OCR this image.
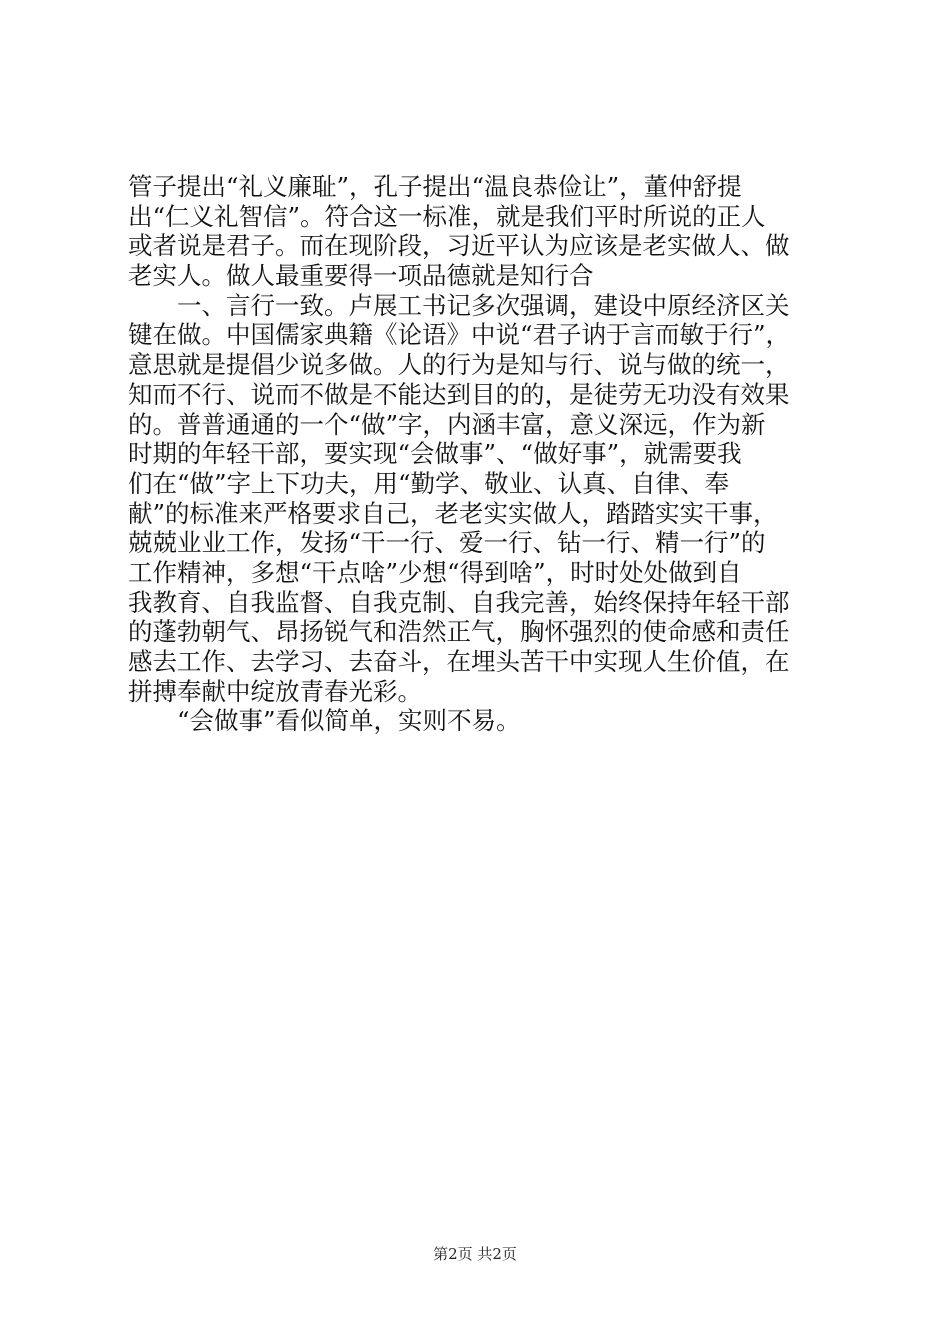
管子提出“礼义廉耻”，孔子提出“温良恭俭让”，董仲舒提
出“仁义礼智信”。符合这一标准，就是我们平时所说的正人
或者说是君子。而在现阶段，习近平认为应该是老实做人、做
老实人。做人最重要得一项品德就是知行合
一、言行一致。卢展工书记多次强调，建设中原经济区关
键在做。中国儒家典籍《论语》中说“君子讷于言而敏于行”，
意思就是提倡少说多做。人的行为是知与行、说与做的统一，
知而不行、说而不做是不能达到目的的，是徒劳无功没有效果
的。普普通通的一个“做”字，内涵丰富，意义深远，作为新
时期的年轻干部，要实现“会做事”、“做好事”，就需要我
们在“做”字上下功夫，用“勤学、敬业、认真、自律、奉
献”的标准来严格要求自己，老老实实做人，踏踏实实干事，
兢兢业业工作，发扬“干一行、爱一行、钻一行、精一行”的
工作精神，多想“干点啥”少想“得到啥”，时时处处做到自
我教育、自我监督、自我克制、自我完善，始终保持年轻干部
的蓬勃朝气、昂扬锐气和浩然正气，胸怀强烈的使命感和责任
感去工作、去学习、去奋斗，在埋头苦干中实现人生价值，在
拼搏奉献中绽放青春光彩。
“会做事”看似简单，实则不易。
第2页 共2页
